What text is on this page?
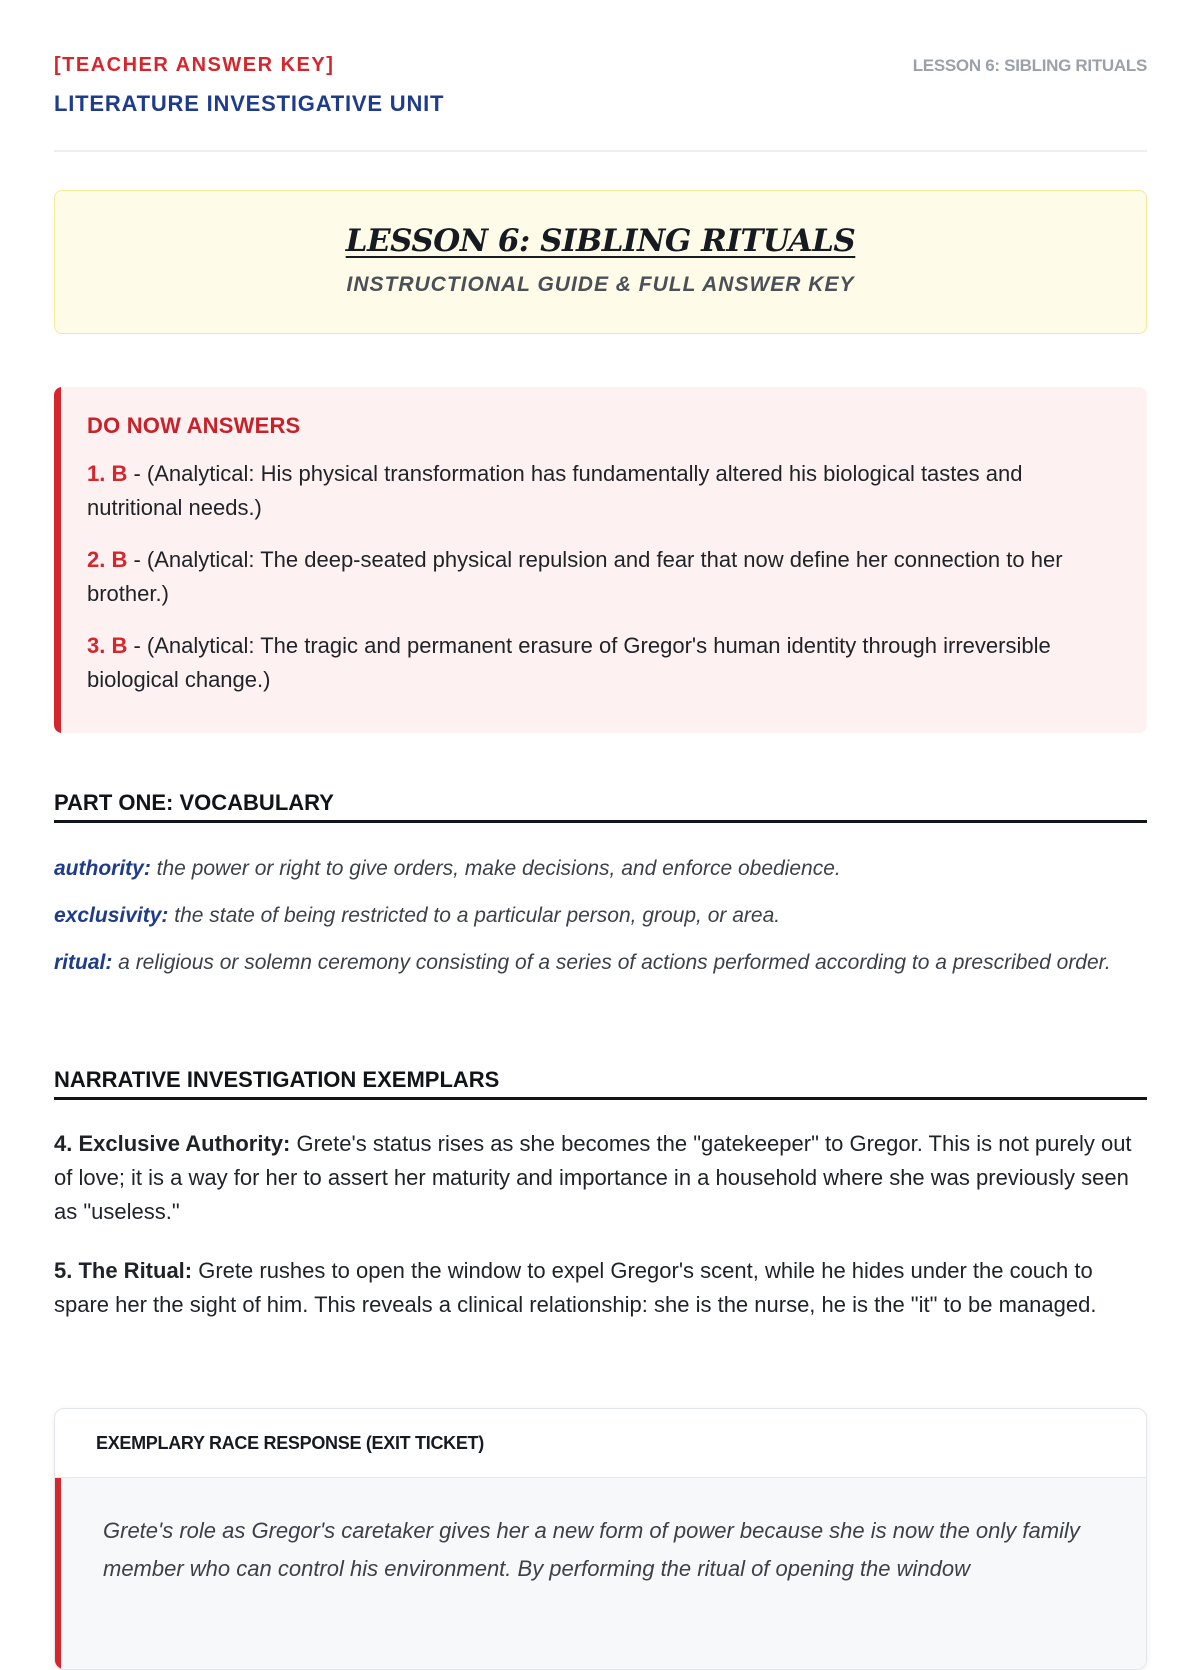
[TEACHER ANSWER KEY]
LITERATURE INVESTIGATIVE UNIT
LESSON 6: SIBLING RITUALS
LESSON 6: SIBLING RITUALS
INSTRUCTIONAL GUIDE & FULL ANSWER KEY
DO NOW ANSWERS
1. B - (Analytical: His physical transformation has fundamentally altered his biological tastes and nutritional needs.)
2. B - (Analytical: The deep-seated physical repulsion and fear that now define her connection to her brother.)
3. B - (Analytical: The tragic and permanent erasure of Gregor's human identity through irreversible biological change.)
PART ONE: VOCABULARY
authority: the power or right to give orders, make decisions, and enforce obedience.
exclusivity: the state of being restricted to a particular person, group, or area.
ritual: a religious or solemn ceremony consisting of a series of actions performed according to a prescribed order.
NARRATIVE INVESTIGATION EXEMPLARS
4. Exclusive Authority: Grete's status rises as she becomes the "gatekeeper" to Gregor. This is not purely out of love; it is a way for her to assert her maturity and importance in a household where she was previously seen as "useless."
5. The Ritual: Grete rushes to open the window to expel Gregor's scent, while he hides under the couch to spare her the sight of him. This reveals a clinical relationship: she is the nurse, he is the "it" to be managed.
EXEMPLARY RACE RESPONSE (EXIT TICKET)
Grete's role as Gregor's caretaker gives her a new form of power because she is now the only family member who can control his environment. By performing the ritual of opening the window
